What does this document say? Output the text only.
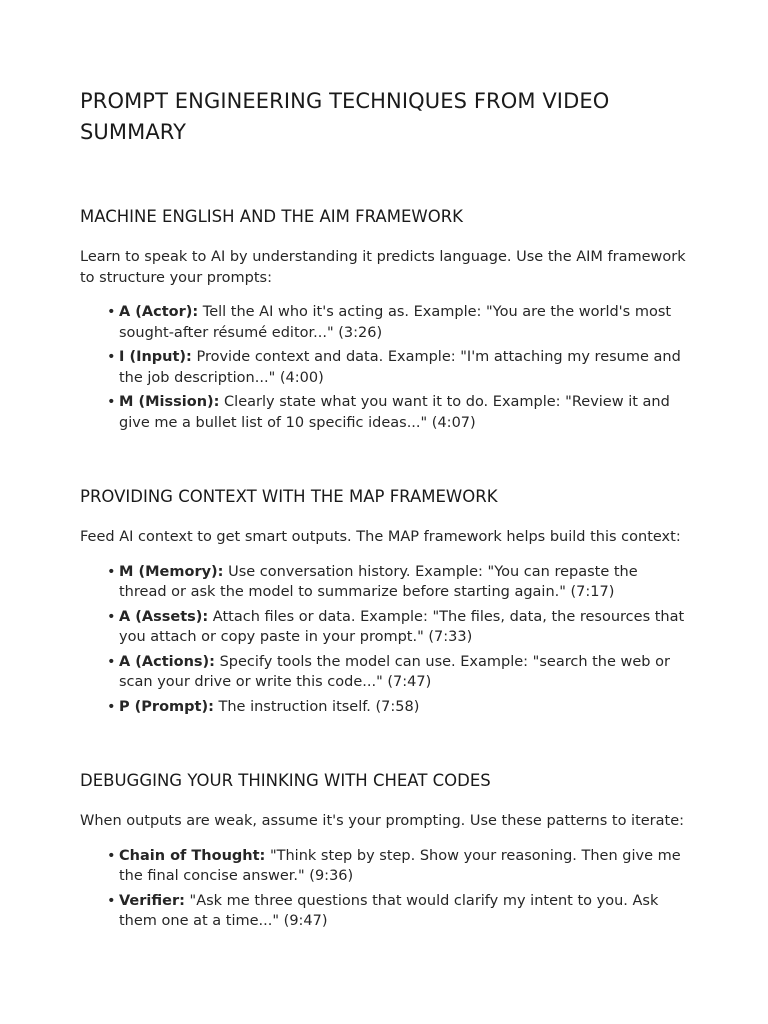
PROMPT ENGINEERING TECHNIQUES FROM VIDEO SUMMARY
MACHINE ENGLISH AND THE AIM FRAMEWORK

Learn to speak to AI by understanding it predicts language. Use the AIM framework to structure your prompts:

• A (Actor): Tell the AI who it's acting as. Example: "You are the world's most sought-after résumé editor..." (3:26)
• I (Input): Provide context and data. Example: "I'm attaching my resume and the job description..." (4:00)
• M (Mission): Clearly state what you want it to do. Example: "Review it and give me a bullet list of 10 specific ideas..." (4:07)
PROVIDING CONTEXT WITH THE MAP FRAMEWORK

Feed AI context to get smart outputs. The MAP framework helps build this context:

• M (Memory): Use conversation history. Example: "You can repaste the thread or ask the model to summarize before starting again." (7:17)
• A (Assets): Attach files or data. Example: "The files, data, the resources that you attach or copy paste in your prompt." (7:33)
• A (Actions): Specify tools the model can use. Example: "search the web or scan your drive or write this code..." (7:47)
• P (Prompt): The instruction itself. (7:58)
DEBUGGING YOUR THINKING WITH CHEAT CODES

When outputs are weak, assume it's your prompting. Use these patterns to iterate:

• Chain of Thought: "Think step by step. Show your reasoning. Then give me the final concise answer." (9:36)
• Verifier: "Ask me three questions that would clarify my intent to you. Ask them one at a time..." (9:47)
